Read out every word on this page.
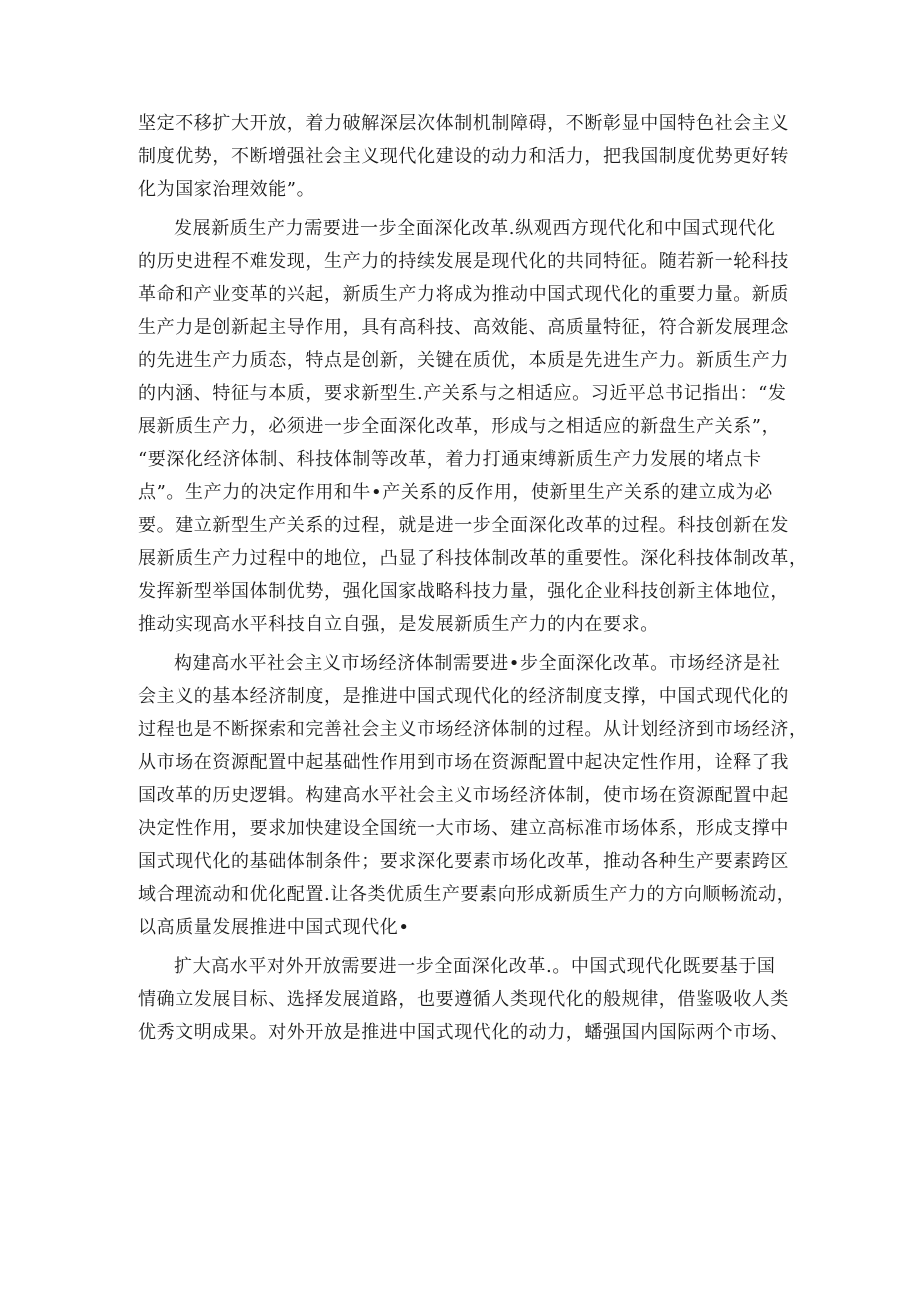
坚定不移扩大开放，着力破解深层次体制机制障碍，不断彰显中国特色社会主义
制度优势，不断增强社会主义现代化建设的动力和活力，把我国制度优势更好转
化为国家治理效能”。
发展新质生产力需要进一步全面深化改革.纵观西方现代化和中国式现代化
的历史进程不难发现，生产力的持续发展是现代化的共同特征。随若新一轮科技
革命和产业变革的兴起，新质生产力将成为推动中国式现代化的重要力量。新质
生产力是创新起主导作用，具有高科技、高效能、高质量特征，符合新发展理念
的先进生产力质态，特点是创新，关键在质优，本质是先进生产力。新质生产力
的内涵、特征与本质，要求新型生.产关系与之相适应。习近平总书记指出：“发
展新质生产力，必须进一步全面深化改革，形成与之相适应的新盘生产关系”，
“要深化经济体制、科技体制等改革，着力打通束缚新质生产力发展的堵点卡
点”。生产力的决定作用和牛•产关系的反作用，使新里生产关系的建立成为必
要。建立新型生产关系的过程，就是进一步全面深化改革的过程。科技创新在发
展新质生产力过程中的地位，凸显了科技体制改革的重要性。深化科技体制改革，
发挥新型举国体制优势，强化国家战略科技力量，强化企业科技创新主体地位，
推动实现高水平科技自立自强，是发展新质生产力的内在要求。
构建高水平社会主义市场经济体制需要进•步全面深化改革。市场经济是社
会主义的基本经济制度，是推进中国式现代化的经济制度支撑，中国式现代化的
过程也是不断探索和完善社会主义市场经济体制的过程。从计划经济到市场经济，
从市场在资源配置中起基础性作用到市场在资源配置中起决定性作用，诠释了我
国改革的历史逻辑。构建高水平社会主义市场经济体制，使市场在资源配置中起
决定性作用，要求加快建设全国统一大市场、建立高标准市场体系，形成支撑中
国式现代化的基础体制条件；要求深化要素市场化改革，推动各种生产要素跨区
域合理流动和优化配置.让各类优质生产要素向形成新质生产力的方向顺畅流动，
以高质量发展推进中国式现代化•
扩大高水平对外开放需要进一步全面深化改革.。中国式现代化既要基于国
情确立发展目标、选择发展道路，也要遵循人类现代化的般规律，借鉴吸收人类
优秀文明成果。对外开放是推进中国式现代化的动力，蟠强国内国际两个市场、
